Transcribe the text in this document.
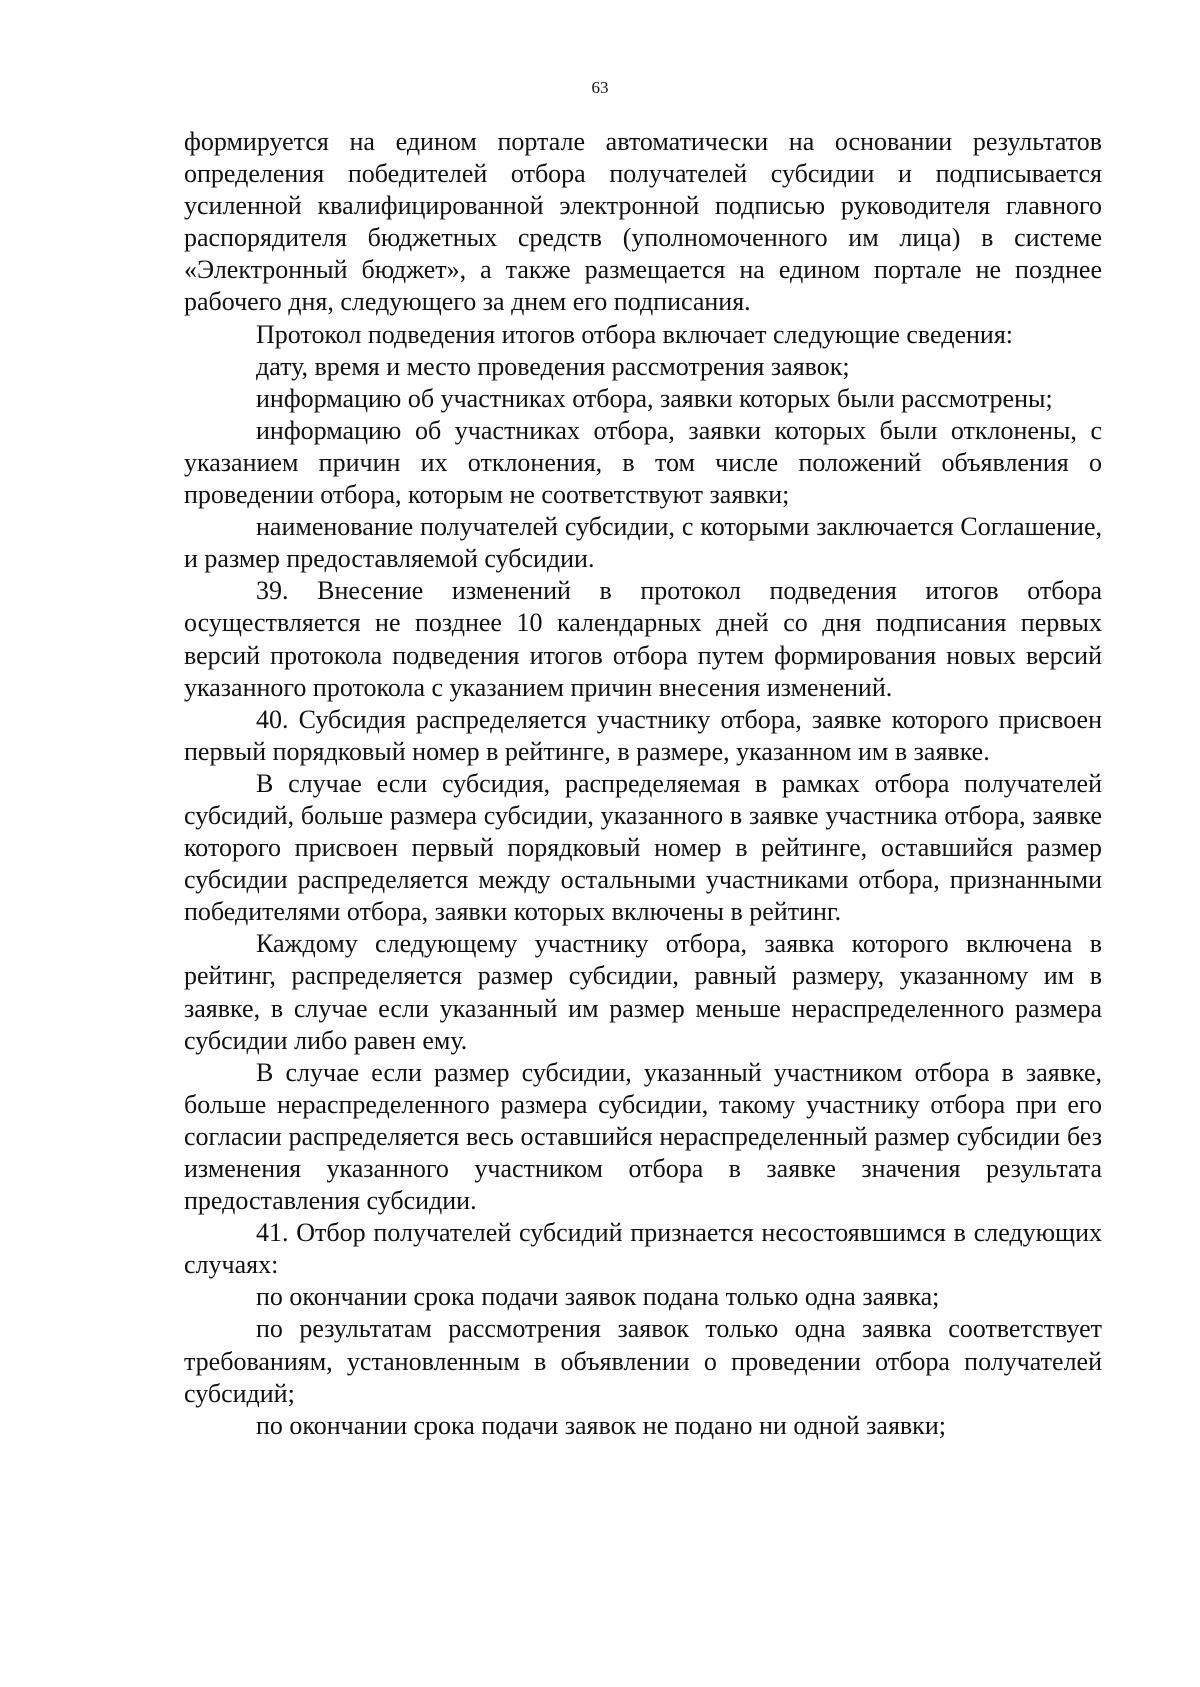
63

формируется на едином портале автоматически на основании результатов определения победителей отбора получателей субсидии и подписывается усиленной квалифицированной электронной подписью руководителя главного распорядителя бюджетных средств (уполномоченного им лица) в системе «Электронный бюджет», а также размещается на едином портале не позднее рабочего дня, следующего за днем его подписания.

Протокол подведения итогов отбора включает следующие сведения:

дату, время и место проведения рассмотрения заявок;

информацию об участниках отбора, заявки которых были рассмотрены;

информацию об участниках отбора, заявки которых были отклонены, с указанием причин их отклонения, в том числе положений объявления о проведении отбора, которым не соответствуют заявки;

наименование получателей субсидии, с которыми заключается Соглашение, и размер предоставляемой субсидии.

39. Внесение изменений в протокол подведения итогов отбора осуществляется не позднее 10 календарных дней со дня подписания первых версий протокола подведения итогов отбора путем формирования новых версий указанного протокола с указанием причин внесения изменений.

40. Субсидия распределяется участнику отбора, заявке которого присвоен первый порядковый номер в рейтинге, в размере, указанном им в заявке.

В случае если субсидия, распределяемая в рамках отбора получателей субсидий, больше размера субсидии, указанного в заявке участника отбора, заявке которого присвоен первый порядковый номер в рейтинге, оставшийся размер субсидии распределяется между остальными участниками отбора, признанными победителями отбора, заявки которых включены в рейтинг.

Каждому следующему участнику отбора, заявка которого включена в рейтинг, распределяется размер субсидии, равный размеру, указанному им в заявке, в случае если указанный им размер меньше нераспределенного размера субсидии либо равен ему.

В случае если размер субсидии, указанный участником отбора в заявке, больше нераспределенного размера субсидии, такому участнику отбора при его согласии распределяется весь оставшийся нераспределенный размер субсидии без изменения указанного участником отбора в заявке значения результата предоставления субсидии.

41. Отбор получателей субсидий признается несостоявшимся в следующих случаях:

по окончании срока подачи заявок подана только одна заявка;

по результатам рассмотрения заявок только одна заявка соответствует требованиям, установленным в объявлении о проведении отбора получателей субсидий;

по окончании срока подачи заявок не подано ни одной заявки;
